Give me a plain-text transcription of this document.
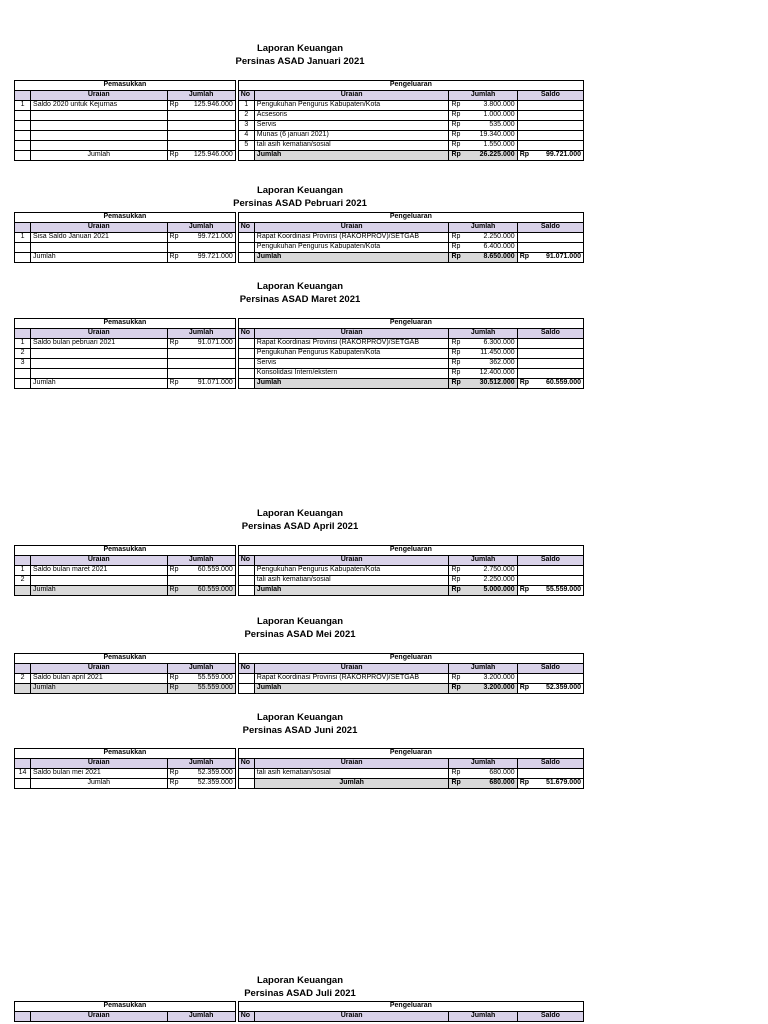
Laporan Keuangan
Persinas ASAD Januari 2021
Pemasukkan				Pengeluaran			
	Uraian	Jumlah		No	Uraian	Jumlah	Saldo
1	Saldo 2020 untuk Kejurnas	Rp 125.946.000		1	Pengukuhan Pengurus Kabupaten/Kota	Rp 3.800.000	
				2	Acsesoris	Rp 1.000.000	
				3	Servis	Rp 535.000	
				4	Munas (6 januari 2021)	Rp 19.340.000	
				5	tali asih kematian/sosial	Rp 1.550.000	
	Jumlah	Rp 125.946.000			Jumlah	Rp 26.225.000	Rp 99.721.000
Laporan Keuangan
Persinas ASAD Pebruari 2021
Pemasukkan				Pengeluaran			
	Uraian	Jumlah		No	Uraian	Jumlah	Saldo
1	Sisa Saldo Januari 2021	Rp 99.721.000			Rapat Koordinasi Provinsi (RAKORPROV)/SETGAB	Rp 2.250.000	
					Pengukuhan Pengurus Kabupaten/Kota	Rp 6.400.000	
	Jumlah	Rp 99.721.000			Jumlah	Rp 8.650.000	Rp 91.071.000
Laporan Keuangan
Persinas ASAD Maret 2021
Pemasukkan				Pengeluaran			
	Uraian	Jumlah		No	Uraian	Jumlah	Saldo
1	Saldo bulan pebruari 2021	Rp 91.071.000			Rapat Koordinasi Provinsi (RAKORPROV)/SETGAB	Rp 6.300.000	
2					Pengukuhan Pengurus Kabupaten/Kota	Rp 11.450.000	
3					Servis	Rp 362.000	
					Konsolidasi Intern/ekstern	Rp 12.400.000	
	Jumlah	Rp 91.071.000			Jumlah	Rp 30.512.000	Rp 60.559.000
Laporan Keuangan
Persinas ASAD April 2021
Pemasukkan				Pengeluaran			
	Uraian	Jumlah		No	Uraian	Jumlah	Saldo
1	Saldo bulan maret 2021	Rp 60.559.000			Pengukuhan Pengurus Kabupaten/Kota	Rp 2.750.000	
2					tali asih kematian/sosial	Rp 2.250.000	
	Jumlah	Rp 60.559.000			Jumlah	Rp 5.000.000	Rp 55.559.000
Laporan Keuangan
Persinas ASAD Mei 2021
Pemasukkan				Pengeluaran			
	Uraian	Jumlah		No	Uraian	Jumlah	Saldo
2	Saldo bulan april 2021	Rp 55.559.000			Rapat Koordinasi Provinsi (RAKORPROV)/SETGAB	Rp 3.200.000	
	Jumlah	Rp 55.559.000			Jumlah	Rp 3.200.000	Rp 52.359.000
Laporan Keuangan
Persinas ASAD Juni 2021
Pemasukkan				Pengeluaran			
	Uraian	Jumlah		No	Uraian	Jumlah	Saldo
14	Saldo bulan mei 2021	Rp 52.359.000			tali asih kematian/sosial	Rp 680.000	
	Jumlah	Rp 52.359.000			Jumlah	Rp 680.000	Rp 51.679.000
Laporan Keuangan
Persinas ASAD Juli 2021
Pemasukkan				Pengeluaran			
	Uraian	Jumlah		No	Uraian	Jumlah	Saldo
